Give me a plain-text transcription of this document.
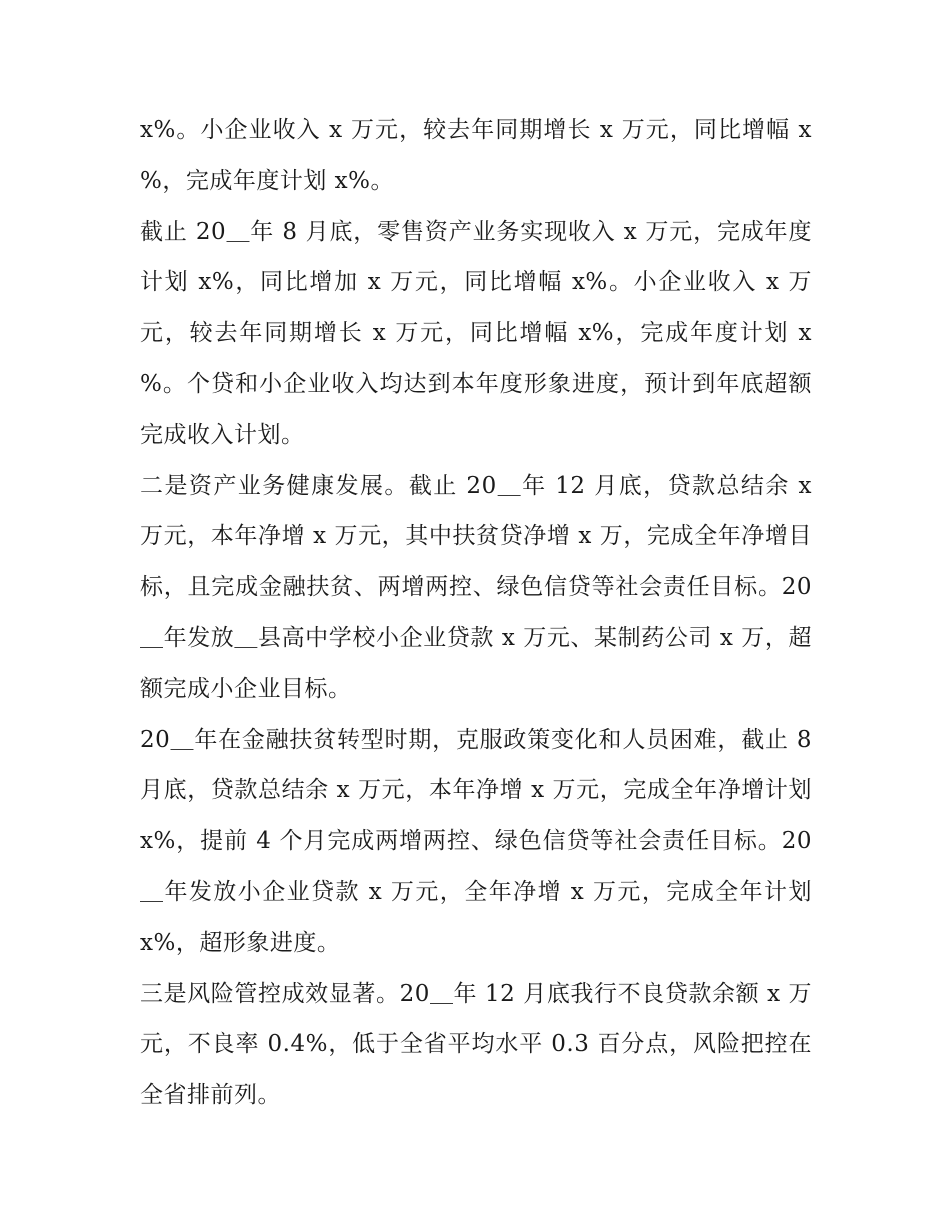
x%。小企业收入 x 万元，较去年同期增长 x 万元，同比增幅 x %，完成年度计划 x%。

截止 20＿年 8 月底，零售资产业务实现收入 x 万元，完成年度计划 x%，同比增加 x 万元，同比增幅 x%。小企业收入 x 万元，较去年同期增长 x 万元，同比增幅 x%，完成年度计划 x %。个贷和小企业收入均达到本年度形象进度，预计到年底超额完成收入计划。

二是资产业务健康发展。截止 20＿年 12 月底，贷款总结余 x 万元，本年净增 x 万元，其中扶贫贷净增 x 万，完成全年净增目标，且完成金融扶贫、两增两控、绿色信贷等社会责任目标。20＿年发放＿县高中学校小企业贷款 x 万元、某制药公司 x 万，超额完成小企业目标。

20＿年在金融扶贫转型时期，克服政策变化和人员困难，截止 8 月底，贷款总结余 x 万元，本年净增 x 万元，完成全年净增计划 x%，提前 4 个月完成两增两控、绿色信贷等社会责任目标。20＿年发放小企业贷款 x 万元，全年净增 x 万元，完成全年计划 x%，超形象进度。

三是风险管控成效显著。20＿年 12 月底我行不良贷款余额 x 万元，不良率 0.4%，低于全省平均水平 0.3 百分点，风险把控在全省排前列。
